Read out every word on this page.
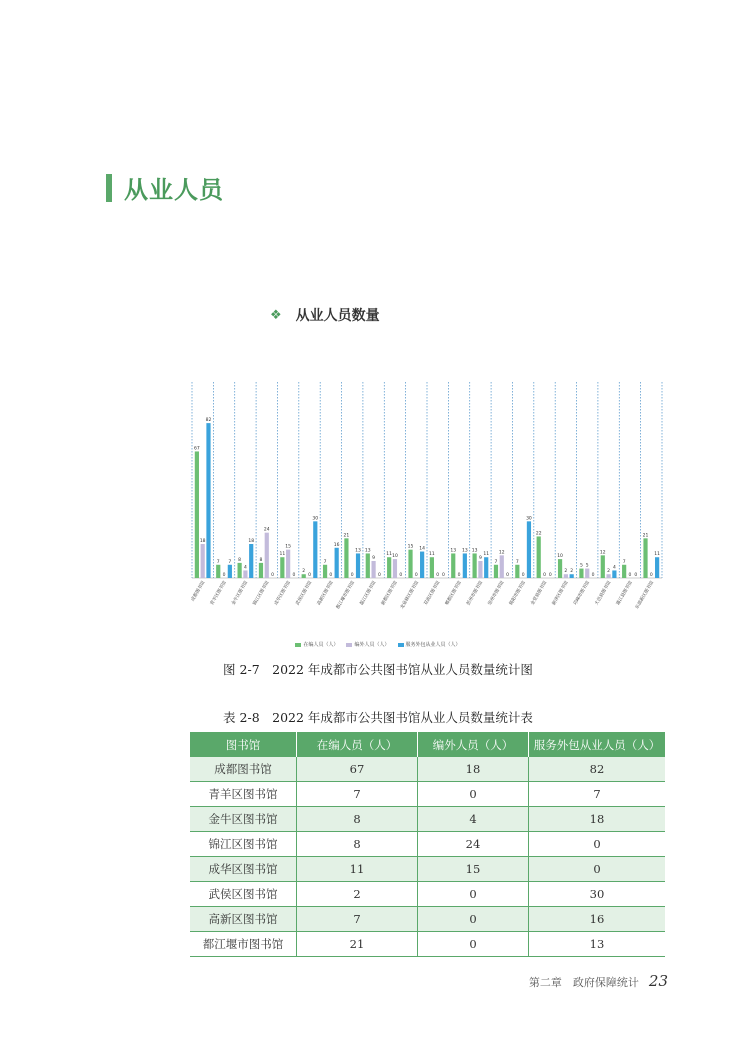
从业人员
❖ 从业人员数量
67
18
82
成都图书馆
7
0
7
青羊区图书馆
8
4
18
金牛区图书馆
8
24
0
锦江区图书馆
11
15
0
成华区图书馆
2
0
30
武侯区图书馆
7
0
16
高新区图书馆
21
0
13
都江堰市图书馆
13
9
0
温江区图书馆
11 10
0
新都区图书馆
15
0
14
龙泉驿区图书馆
11
0 0
双流区图书馆
13
0
13
郫都区图书馆
13
9
11
彭州市图书馆
7
12
0
崇州市图书馆
7
0
30
简阳市图书馆
22
0 0
金堂县图书馆
10
2 2
新津区图书馆
5 5
0
邛崃市图书馆
12
2
4
大邑县图书馆
7
0 0
蒲江县图书馆
21
0
11
东部新区图书馆
在编人员（人）	编外人员（人）	服务外包从业人员（人）
图 2-7　2022 年成都市公共图书馆从业人员数量统计图
表 2-8　2022 年成都市公共图书馆从业人员数量统计表
图书馆	在编人员（人）	编外人员（人）	服务外包从业人员（人）
成都图书馆	67	18	82
青羊区图书馆	7	0	7
金牛区图书馆	8	4	18
锦江区图书馆	8	24	0
成华区图书馆	11	15	0
武侯区图书馆	2	0	30
高新区图书馆	7	0	16
都江堰市图书馆	21	0	13
第二章　政府保障统计 23
